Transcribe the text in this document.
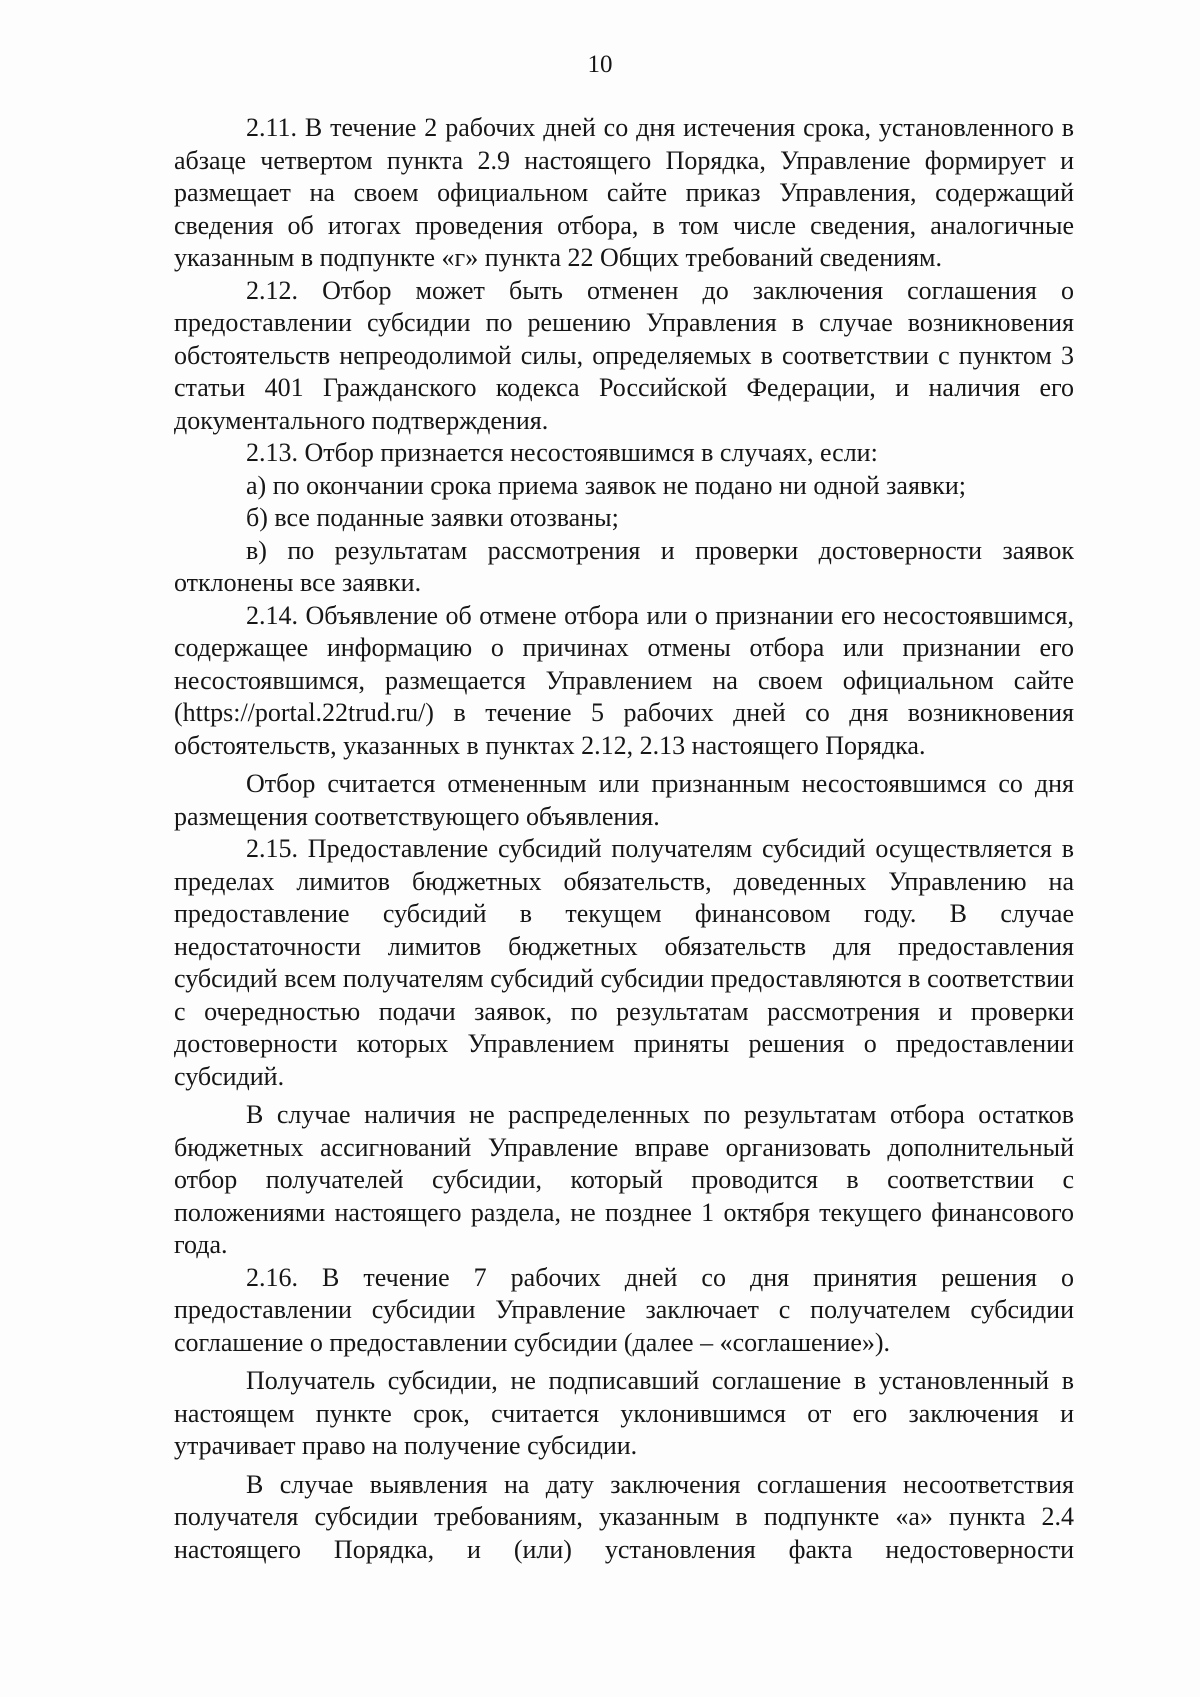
10

2.11. В течение 2 рабочих дней со дня истечения срока, установленного в абзаце четвертом пункта 2.9 настоящего Порядка, Управление формирует и размещает на своем официальном сайте приказ Управления, содержащий сведения об итогах проведения отбора, в том числе сведения, аналогичные указанным в подпункте «г» пункта 22 Общих требований сведениям.

2.12. Отбор может быть отменен до заключения соглашения о предоставлении субсидии по решению Управления в случае возникновения обстоятельств непреодолимой силы, определяемых в соответствии с пунктом 3 статьи 401 Гражданского кодекса Российской Федерации, и наличия его документального подтверждения.

2.13. Отбор признается несостоявшимся в случаях, если:

а) по окончании срока приема заявок не подано ни одной заявки;

б) все поданные заявки отозваны;

в) по результатам рассмотрения и проверки достоверности заявок отклонены все заявки.

2.14. Объявление об отмене отбора или о признании его несостоявшимся, содержащее информацию о причинах отмены отбора или признании его несостоявшимся, размещается Управлением на своем официальном сайте (https://portal.22trud.ru/) в течение 5 рабочих дней со дня возникновения обстоятельств, указанных в пунктах 2.12, 2.13 настоящего Порядка.

Отбор считается отмененным или признанным несостоявшимся со дня размещения соответствующего объявления.

2.15. Предоставление субсидий получателям субсидий осуществляется в пределах лимитов бюджетных обязательств, доведенных Управлению на предоставление субсидий в текущем финансовом году. В случае недостаточности лимитов бюджетных обязательств для предоставления субсидий всем получателям субсидий субсидии предоставляются в соответствии с очередностью подачи заявок, по результатам рассмотрения и проверки достоверности которых Управлением приняты решения о предоставлении субсидий.

В случае наличия не распределенных по результатам отбора остатков бюджетных ассигнований Управление вправе организовать дополнительный отбор получателей субсидии, который проводится в соответствии с положениями настоящего раздела, не позднее 1 октября текущего финансового года.

2.16. В течение 7 рабочих дней со дня принятия решения о предоставлении субсидии Управление заключает с получателем субсидии соглашение о предоставлении субсидии (далее – «соглашение»).

Получатель субсидии, не подписавший соглашение в установленный в настоящем пункте срок, считается уклонившимся от его заключения и утрачивает право на получение субсидии.

В случае выявления на дату заключения соглашения несоответствия получателя субсидии требованиям, указанным в подпункте «а» пункта 2.4 настоящего Порядка, и (или) установления факта недостоверности
